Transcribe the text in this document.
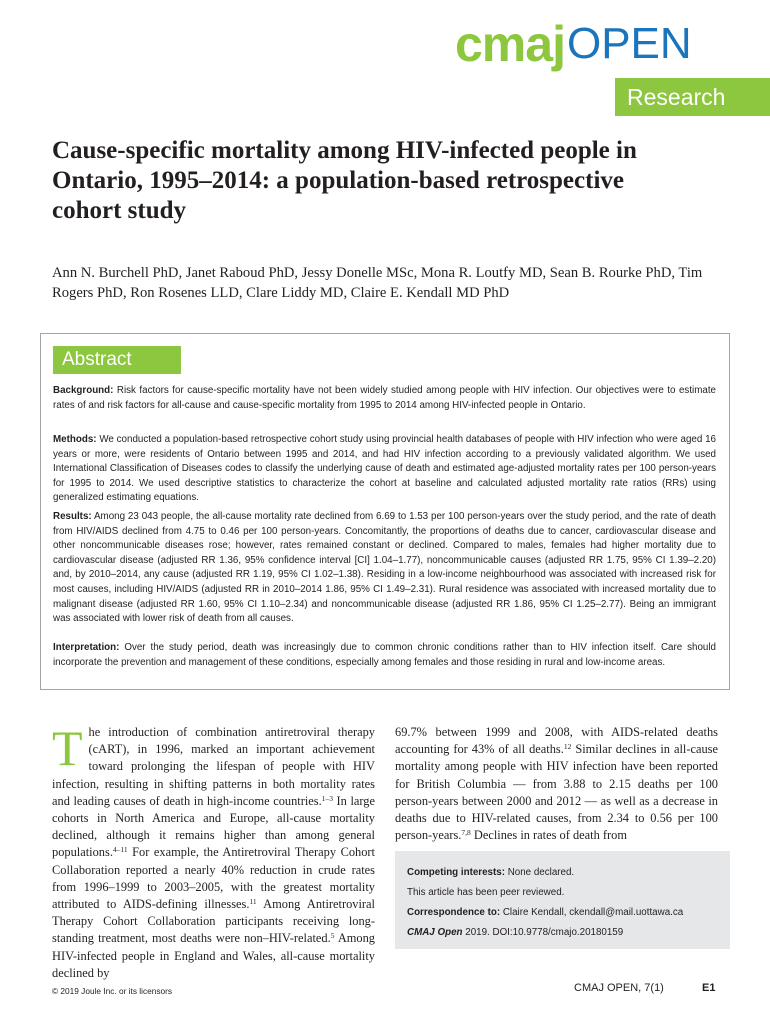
cmajOPEN
Research
Cause-specific mortality among HIV-infected people in Ontario, 1995–2014: a population-based retrospective cohort study
Ann N. Burchell PhD, Janet Raboud PhD, Jessy Donelle MSc, Mona R. Loutfy MD, Sean B. Rourke PhD, Tim Rogers PhD, Ron Rosenes LLD, Clare Liddy MD, Claire E. Kendall MD PhD
Abstract
Background: Risk factors for cause-specific mortality have not been widely studied among people with HIV infection. Our objectives were to estimate rates of and risk factors for all-cause and cause-specific mortality from 1995 to 2014 among HIV-infected people in Ontario.
Methods: We conducted a population-based retrospective cohort study using provincial health databases of people with HIV infection who were aged 16 years or more, were residents of Ontario between 1995 and 2014, and had HIV infection according to a previously validated algorithm. We used International Classification of Diseases codes to classify the underlying cause of death and estimated age-adjusted mortality rates per 100 person-years for 1995 to 2014. We used descriptive statistics to characterize the cohort at baseline and calculated adjusted mortality rate ratios (RRs) using generalized estimating equations.
Results: Among 23 043 people, the all-cause mortality rate declined from 6.69 to 1.53 per 100 person-years over the study period, and the rate of death from HIV/AIDS declined from 4.75 to 0.46 per 100 person-years. Concomitantly, the proportions of deaths due to cancer, cardiovascular disease and other noncommunicable diseases rose; however, rates remained constant or declined. Compared to males, females had higher mortality due to cardiovascular disease (adjusted RR 1.36, 95% confidence interval [CI] 1.04–1.77), noncommunicable causes (adjusted RR 1.75, 95% CI 1.39–2.20) and, by 2010–2014, any cause (adjusted RR 1.19, 95% CI 1.02–1.38). Residing in a low-income neighbourhood was associated with increased risk for most causes, including HIV/AIDS (adjusted RR in 2010–2014 1.86, 95% CI 1.49–2.31). Rural residence was associated with increased mortality due to malignant disease (adjusted RR 1.60, 95% CI 1.10–2.34) and noncommunicable disease (adjusted RR 1.86, 95% CI 1.25–2.77). Being an immigrant was associated with lower risk of death from all causes.
Interpretation: Over the study period, death was increasingly due to common chronic conditions rather than to HIV infection itself. Care should incorporate the prevention and management of these conditions, especially among females and those residing in rural and low-income areas.
The introduction of combination antiretroviral therapy (cART), in 1996, marked an important achievement toward prolonging the lifespan of people with HIV infection, resulting in shifting patterns in both mortality rates and leading causes of death in high-income countries.$^{1-3}$ In large cohorts in North America and Europe, all-cause mortality declined, although it remains higher than among general populations.$^{4-11}$ For example, the Antiretroviral Therapy Cohort Collaboration reported a nearly 40% reduction in crude rates from 1996–1999 to 2003–2005, with the greatest mortality attributed to AIDS-defining illnesses.$^{11}$ Among Antiretroviral Therapy Cohort Collaboration participants receiving long-standing treatment, most deaths were non–HIV-related.$^5$ Among HIV-infected people in England and Wales, all-cause mortality declined by
69.7% between 1999 and 2008, with AIDS-related deaths accounting for 43% of all deaths.$^{12}$ Similar declines in all-cause mortality among people with HIV infection have been reported for British Columbia — from 3.88 to 2.15 deaths per 100 person-years between 2000 and 2012 — as well as a decrease in deaths due to HIV-related causes, from 2.34 to 0.56 per 100 person-years.$^{7,8}$ Declines in rates of death from
Competing interests: None declared.
This article has been peer reviewed.
Correspondence to: Claire Kendall, ckendall@mail.uottawa.ca
CMAJ Open 2019. DOI:10.9778/cmajo.20180159
© 2019 Joule Inc. or its licensors	CMAJ OPEN, 7(1)	E1
